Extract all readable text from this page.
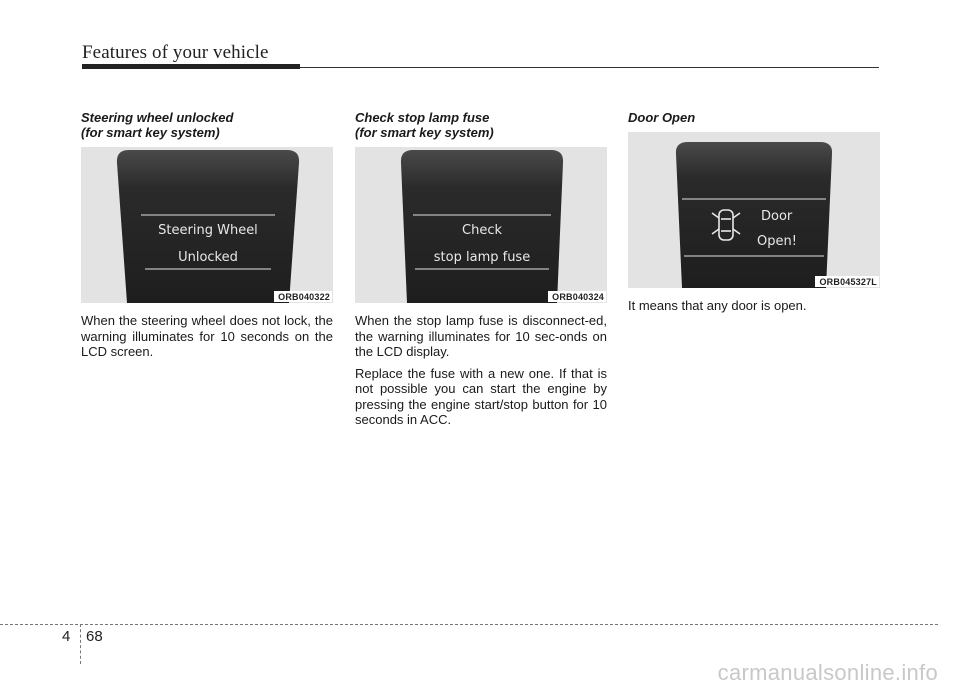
Features of your vehicle
Steering wheel unlocked
(for smart key system)
Steering Wheel
Unlocked
ORB040322

When the steering wheel does not lock, the warning illuminates for 10 seconds on the LCD screen.

Check stop lamp fuse
(for smart key system)
Check
stop lamp fuse
ORB040324

When the stop lamp fuse is disconnect-ed, the warning illuminates for 10 sec-onds on the LCD display.

Replace the fuse with a new one. If that is not possible you can start the engine by pressing the engine start/stop button for 10 seconds in ACC.

Door Open
Door
Open!
ORB045327L

It means that any door is open.

4 68
carmanualsonline.info
